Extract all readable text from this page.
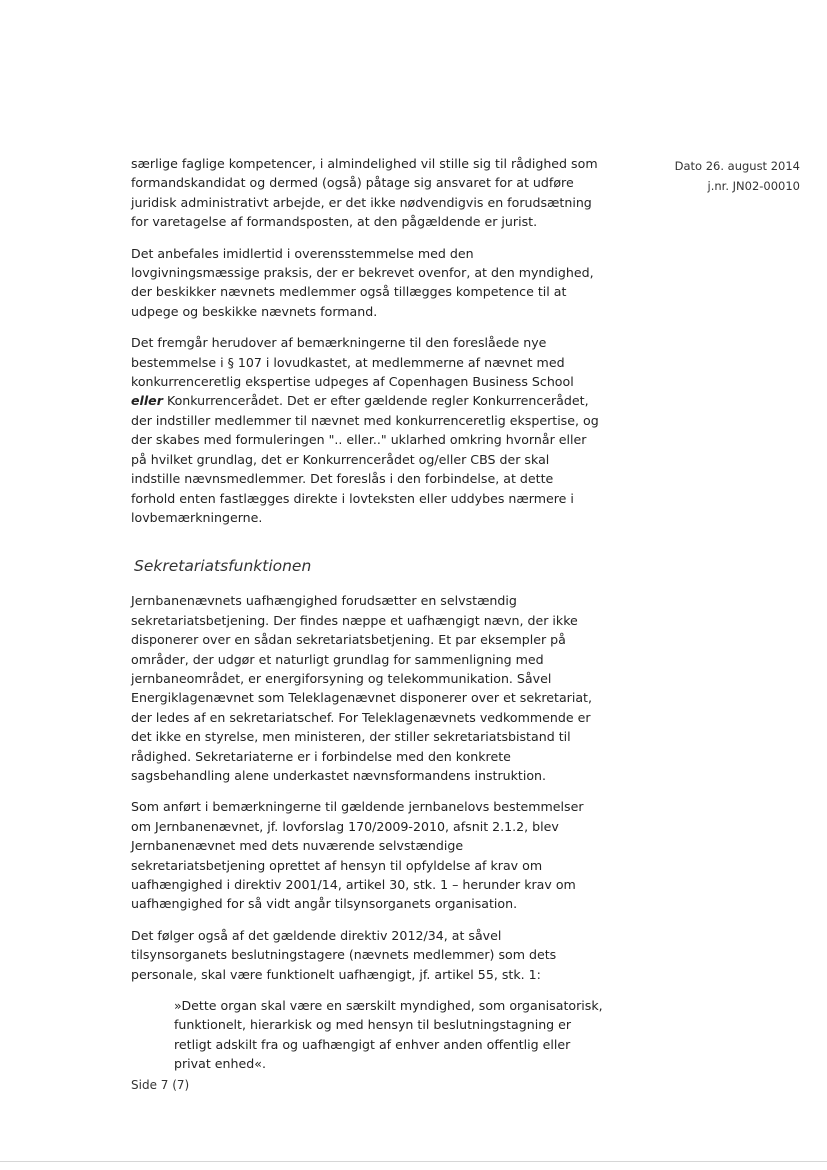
Dato 26. august 2014
j.nr. JN02-00010

særlige faglige kompetencer, i almindelighed vil stille sig til rådighed som formandskandidat og dermed (også) påtage sig ansvaret for at udføre juridisk administrativt arbejde, er det ikke nødvendigvis en forudsætning for varetagelse af formandsposten, at den pågældende er jurist.

Det anbefales imidlertid i overensstemmelse med den lovgivningsmæssige praksis, der er bekrevet ovenfor, at den myndighed, der beskikker nævnets medlemmer også tillægges kompetence til at udpege og beskikke nævnets formand.

Det fremgår herudover af bemærkningerne til den foreslåede nye bestemmelse i § 107 i lovudkastet, at medlemmerne af nævnet med konkurrenceretlig ekspertise udpeges af Copenhagen Business School eller Konkurrencerådet. Det er efter gældende regler Konkurrencerådet, der indstiller medlemmer til nævnet med konkurrenceretlig ekspertise, og der skabes med formuleringen ".. eller.." uklarhed omkring hvornår eller på hvilket grundlag, det er Konkurrencerådet og/eller CBS der skal indstille nævnsmedlemmer. Det foreslås i den forbindelse, at dette forhold enten fastlægges direkte i lovteksten eller uddybes nærmere i lovbemærkningerne.

Sekretariatsfunktionen

Jernbanenævnets uafhængighed forudsætter en selvstændig sekretariatsbetjening. Der findes næppe et uafhængigt nævn, der ikke disponerer over en sådan sekretariatsbetjening. Et par eksempler på områder, der udgør et naturligt grundlag for sammenligning med jernbaneområdet, er energiforsyning og telekommunikation. Såvel Energiklagenævnet som Teleklagenævnet disponerer over et sekretariat, der ledes af en sekretariatschef. For Teleklagenævnets vedkommende er det ikke en styrelse, men ministeren, der stiller sekretariatsbistand til rådighed. Sekretariaterne er i forbindelse med den konkrete sagsbehandling alene underkastet nævnsformandens instruktion.

Som anført i bemærkningerne til gældende jernbanelovs bestemmelser om Jernbanenævnet, jf. lovforslag 170/2009-2010, afsnit 2.1.2, blev Jernbanenævnet med dets nuværende selvstændige sekretariatsbetjening oprettet af hensyn til opfyldelse af krav om uafhængighed i direktiv 2001/14, artikel 30, stk. 1 – herunder krav om uafhængighed for så vidt angår tilsynsorganets organisation.

Det følger også af det gældende direktiv 2012/34, at såvel tilsynsorganets beslutningstagere (nævnets medlemmer) som dets personale, skal være funktionelt uafhængigt, jf. artikel 55, stk. 1:

»Dette organ skal være en særskilt myndighed, som organisatorisk, funktionelt, hierarkisk og med hensyn til beslutningstagning er retligt adskilt fra og uafhængigt af enhver anden offentlig eller privat enhed«.

Side 7 (7)
